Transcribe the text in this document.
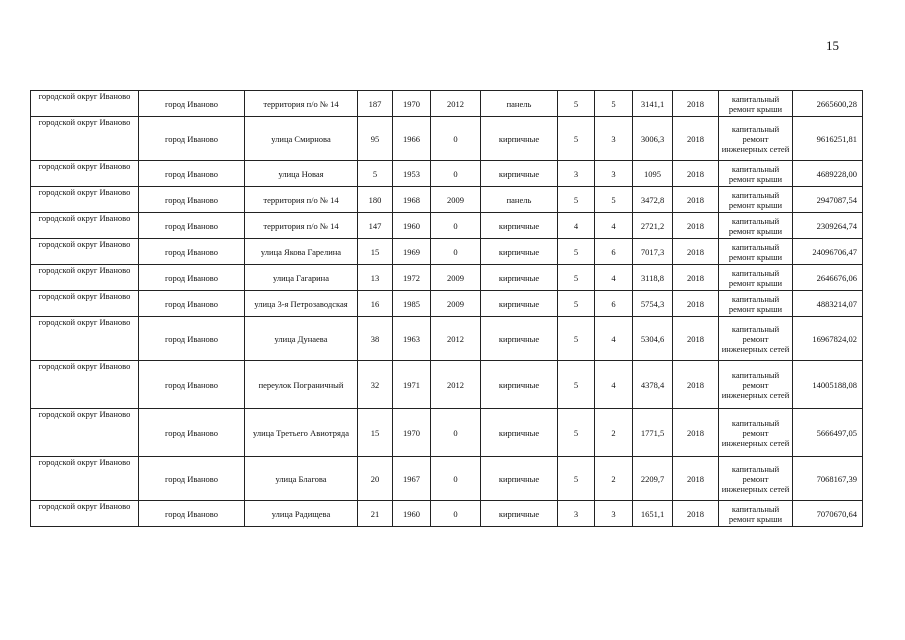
15
городской округ Иваново	город Иваново	территория п/о № 14	187	1970	2012	панель	5	5	3141,1	2018	капитальный ремонт крыши	2665600,28
городской округ Иваново	город Иваново	улица Смирнова	95	1966	0	кирпичные	5	3	3006,3	2018	капитальный ремонт инженерных сетей	9616251,81
городской округ Иваново	город Иваново	улица Новая	5	1953	0	кирпичные	3	3	1095	2018	капитальный ремонт крыши	4689228,00
городской округ Иваново	город Иваново	территория п/о № 14	180	1968	2009	панель	5	5	3472,8	2018	капитальный ремонт крыши	2947087,54
городской округ Иваново	город Иваново	территория п/о № 14	147	1960	0	кирпичные	4	4	2721,2	2018	капитальный ремонт крыши	2309264,74
городской округ Иваново	город Иваново	улица Якова Гарелина	15	1969	0	кирпичные	5	6	7017,3	2018	капитальный ремонт крыши	24096706,47
городской округ Иваново	город Иваново	улица Гагарина	13	1972	2009	кирпичные	5	4	3118,8	2018	капитальный ремонт крыши	2646676,06
городской округ Иваново	город Иваново	улица 3-я Петрозаводская	16	1985	2009	кирпичные	5	6	5754,3	2018	капитальный ремонт крыши	4883214,07
городской округ Иваново	город Иваново	улица Дунаева	38	1963	2012	кирпичные	5	4	5304,6	2018	капитальный ремонт инженерных сетей	16967824,02
городской округ Иваново	город Иваново	переулок Пограничный	32	1971	2012	кирпичные	5	4	4378,4	2018	капитальный ремонт инженерных сетей	14005188,08
городской округ Иваново	город Иваново	улица Третьего Авиотряда	15	1970	0	кирпичные	5	2	1771,5	2018	капитальный ремонт инженерных сетей	5666497,05
городской округ Иваново	город Иваново	улица Благова	20	1967	0	кирпичные	5	2	2209,7	2018	капитальный ремонт инженерных сетей	7068167,39
городской округ Иваново	город Иваново	улица Радищева	21	1960	0	кирпичные	3	3	1651,1	2018	капитальный ремонт крыши	7070670,64
